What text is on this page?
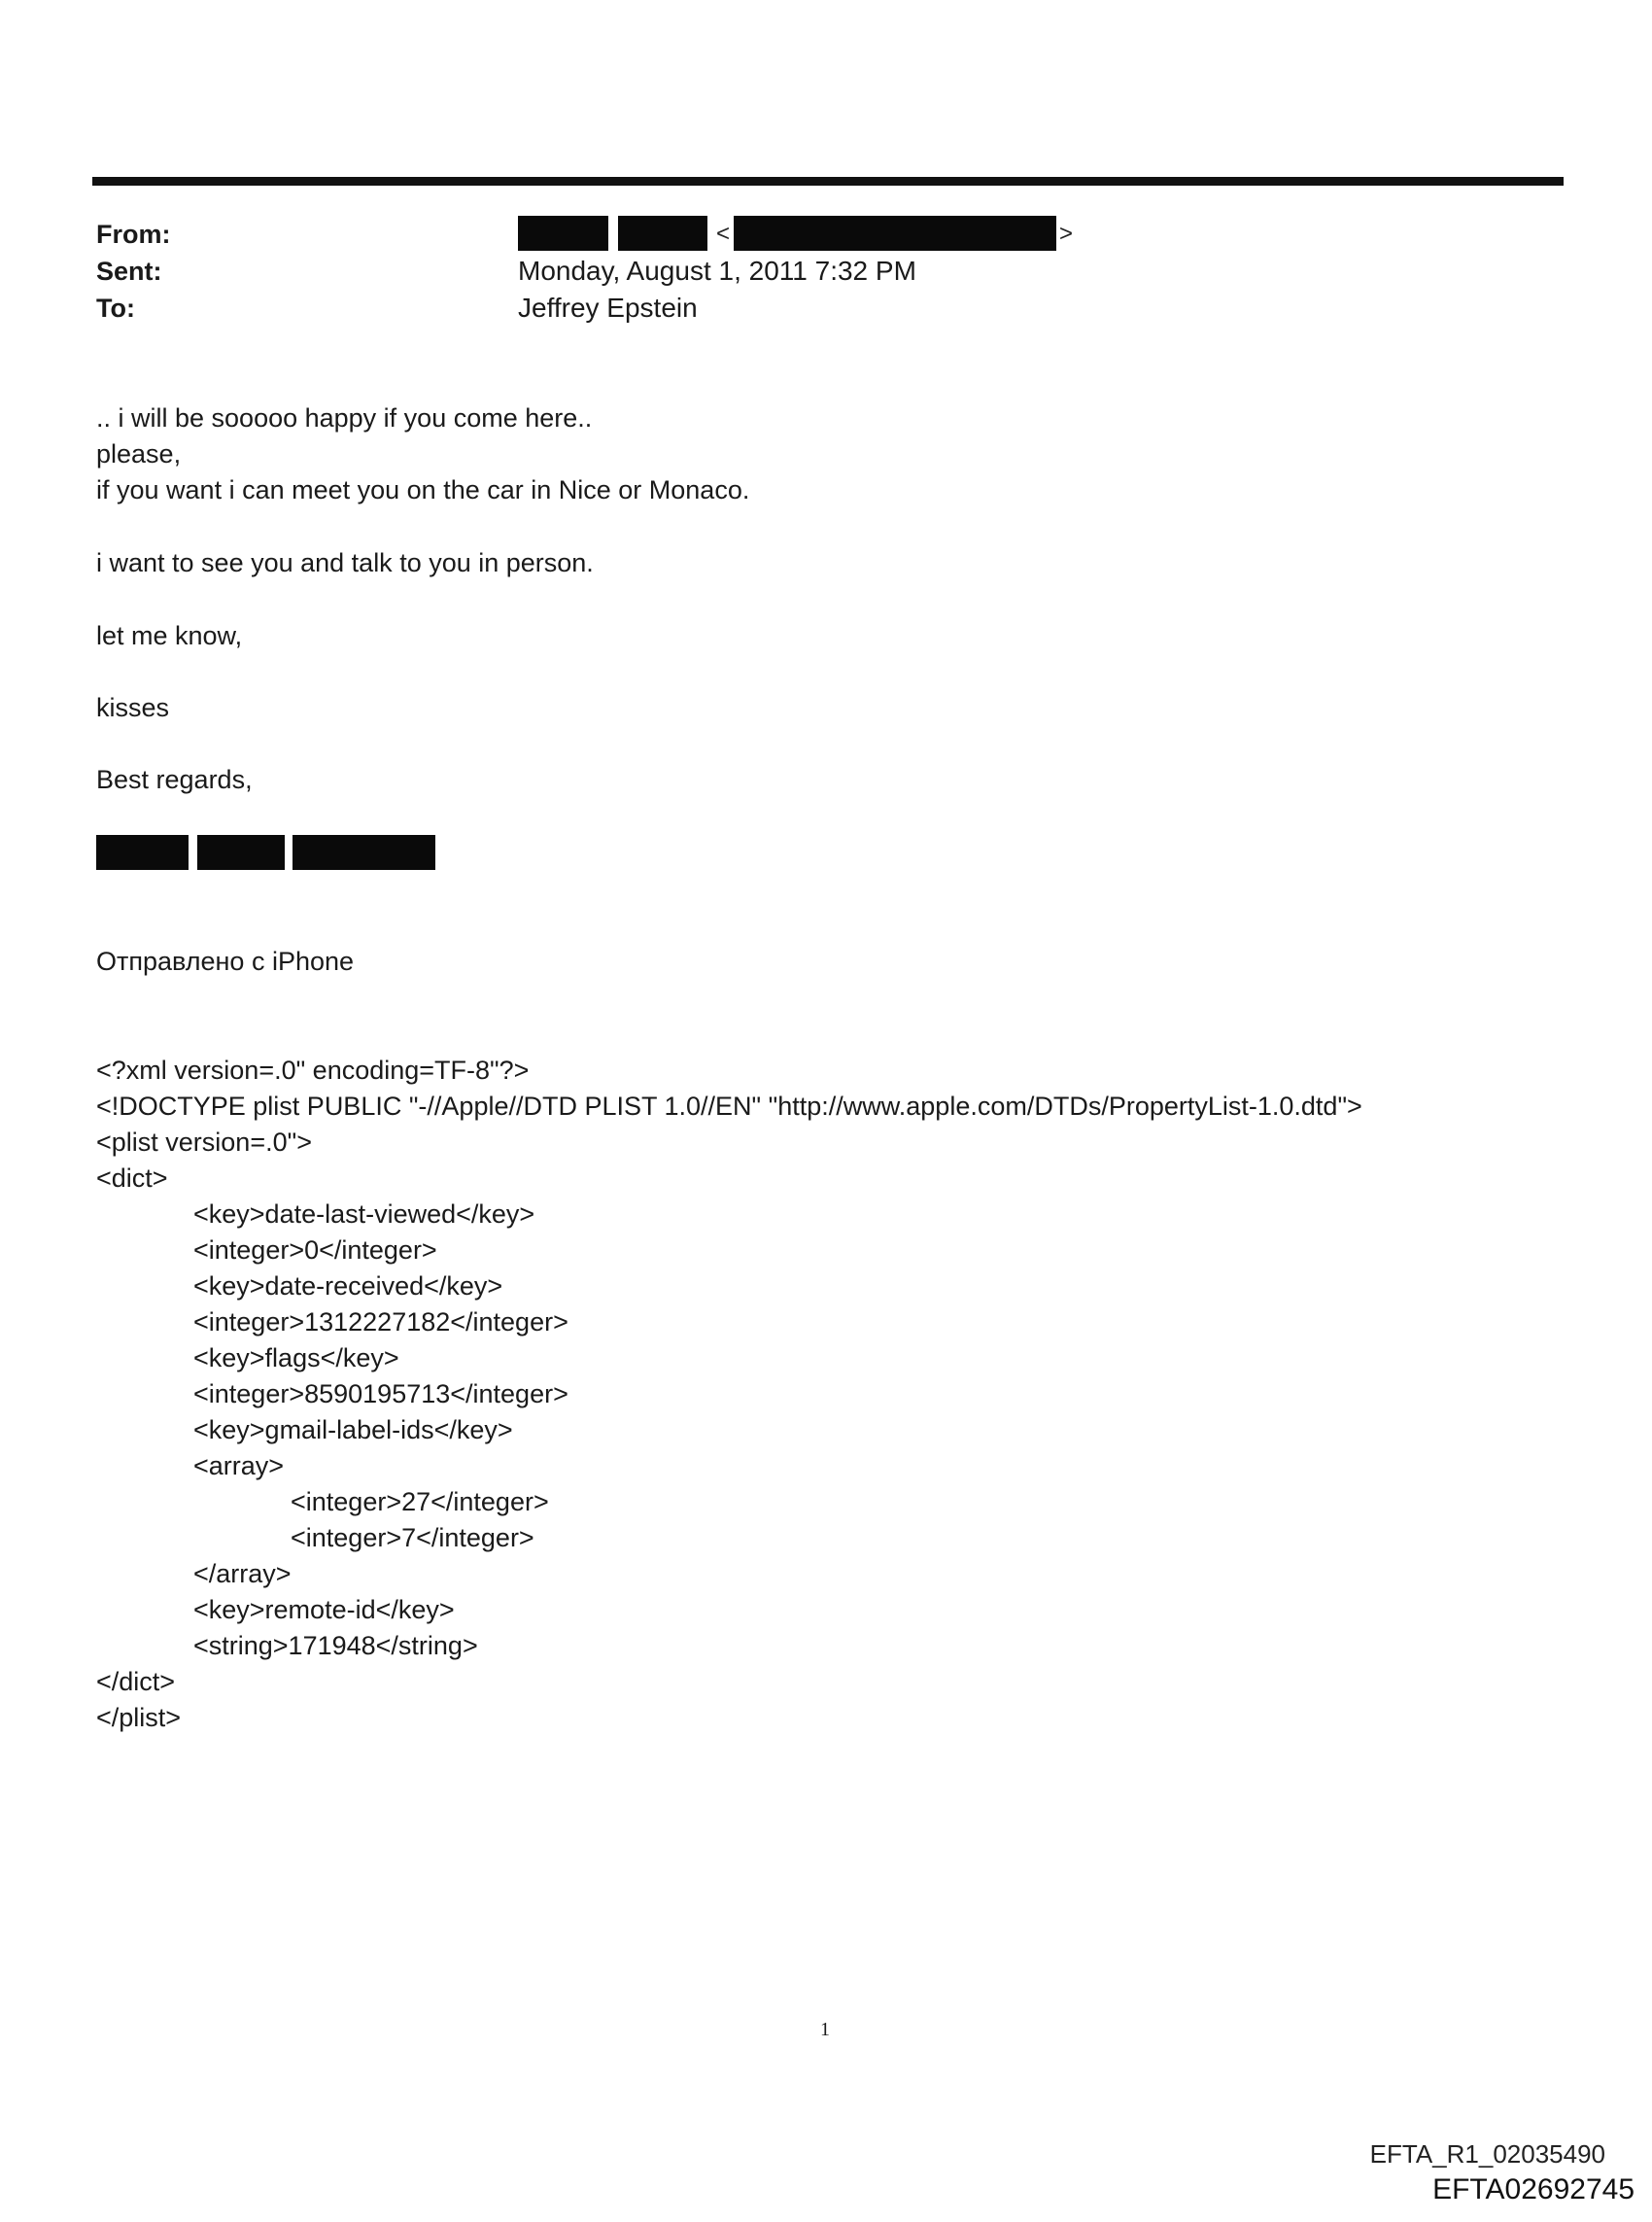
From:
Sent:
To:
<	>
Monday, August 1, 2011 7:32 PM
Jeffrey Epstein
.. i will be sooooo happy if you come here..
please,
if you want i can meet you on the car in Nice or Monaco.
i want to see you and talk to you in person.
let me know,
kisses
Best regards,
Отправлено с iPhone
<?xml version=.0" encoding=TF-8"?>
<!DOCTYPE plist PUBLIC "-//Apple//DTD PLIST 1.0//EN" "http://www.apple.com/DTDs/PropertyList-1.0.dtd">
<plist version=.0">
<dict>
<key>date-last-viewed</key>
<integer>0</integer>
<key>date-received</key>
<integer>1312227182</integer>
<key>flags</key>
<integer>8590195713</integer>
<key>gmail-label-ids</key>
<array>
<integer>27</integer>
<integer>7</integer>
</array>
<key>remote-id</key>
<string>171948</string>
</dict>
</plist>
1
EFTA_R1_02035490
EFTA02692745
